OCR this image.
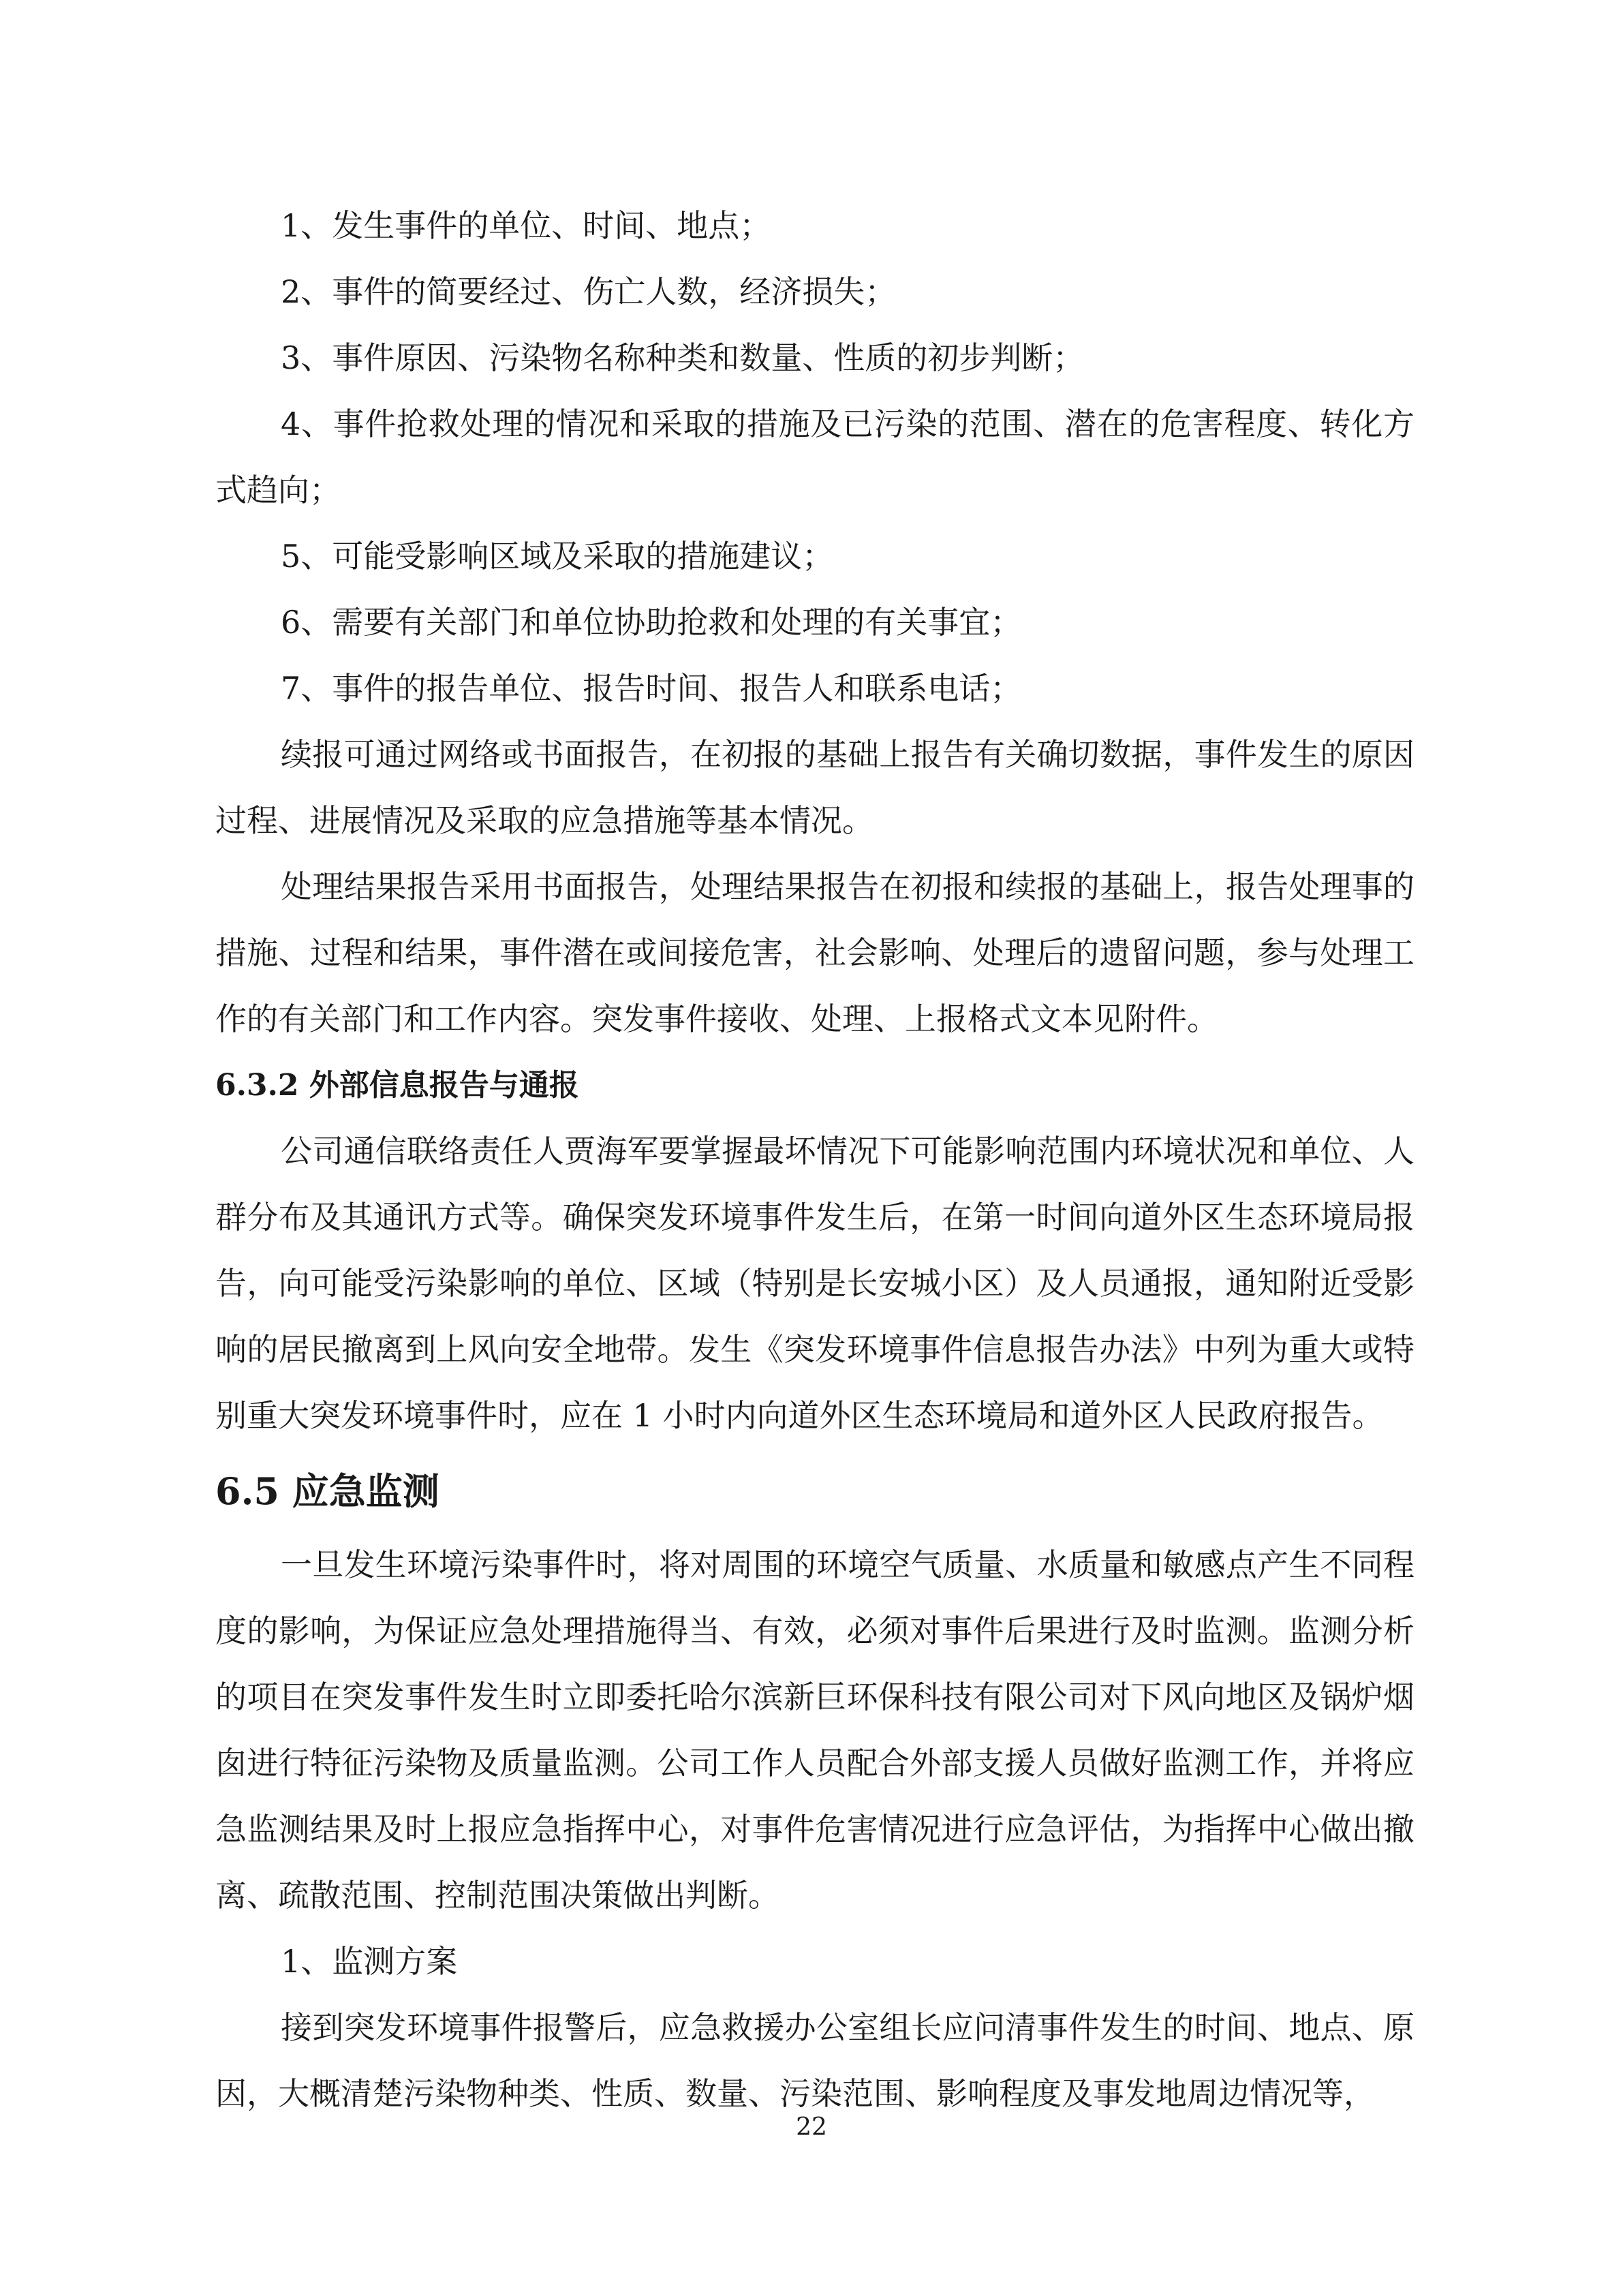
1、发生事件的单位、时间、地点；

2、事件的简要经过、伤亡人数，经济损失；

3、事件原因、污染物名称种类和数量、性质的初步判断；

4、事件抢救处理的情况和采取的措施及已污染的范围、潜在的危害程度、转化方式趋向；

5、可能受影响区域及采取的措施建议；

6、需要有关部门和单位协助抢救和处理的有关事宜；

7、事件的报告单位、报告时间、报告人和联系电话；

续报可通过网络或书面报告，在初报的基础上报告有关确切数据，事件发生的原因过程、进展情况及采取的应急措施等基本情况。

处理结果报告采用书面报告，处理结果报告在初报和续报的基础上，报告处理事的措施、过程和结果，事件潜在或间接危害，社会影响、处理后的遗留问题，参与处理工作的有关部门和工作内容。突发事件接收、处理、上报格式文本见附件。

6.3.2 外部信息报告与通报

公司通信联络责任人贾海军要掌握最坏情况下可能影响范围内环境状况和单位、人群分布及其通讯方式等。确保突发环境事件发生后，在第一时间向道外区生态环境局报告，向可能受污染影响的单位、区域（特别是长安城小区）及人员通报，通知附近受影响的居民撤离到上风向安全地带。发生《突发环境事件信息报告办法》中列为重大或特别重大突发环境事件时，应在 1 小时内向道外区生态环境局和道外区人民政府报告。

6.5 应急监测

一旦发生环境污染事件时，将对周围的环境空气质量、水质量和敏感点产生不同程度的影响，为保证应急处理措施得当、有效，必须对事件后果进行及时监测。监测分析的项目在突发事件发生时立即委托哈尔滨新巨环保科技有限公司对下风向地区及锅炉烟囱进行特征污染物及质量监测。公司工作人员配合外部支援人员做好监测工作，并将应急监测结果及时上报应急指挥中心，对事件危害情况进行应急评估，为指挥中心做出撤离、疏散范围、控制范围决策做出判断。

1、监测方案

接到突发环境事件报警后，应急救援办公室组长应问清事件发生的时间、地点、原因，大概清楚污染物种类、性质、数量、污染范围、影响程度及事发地周边情况等，

22
